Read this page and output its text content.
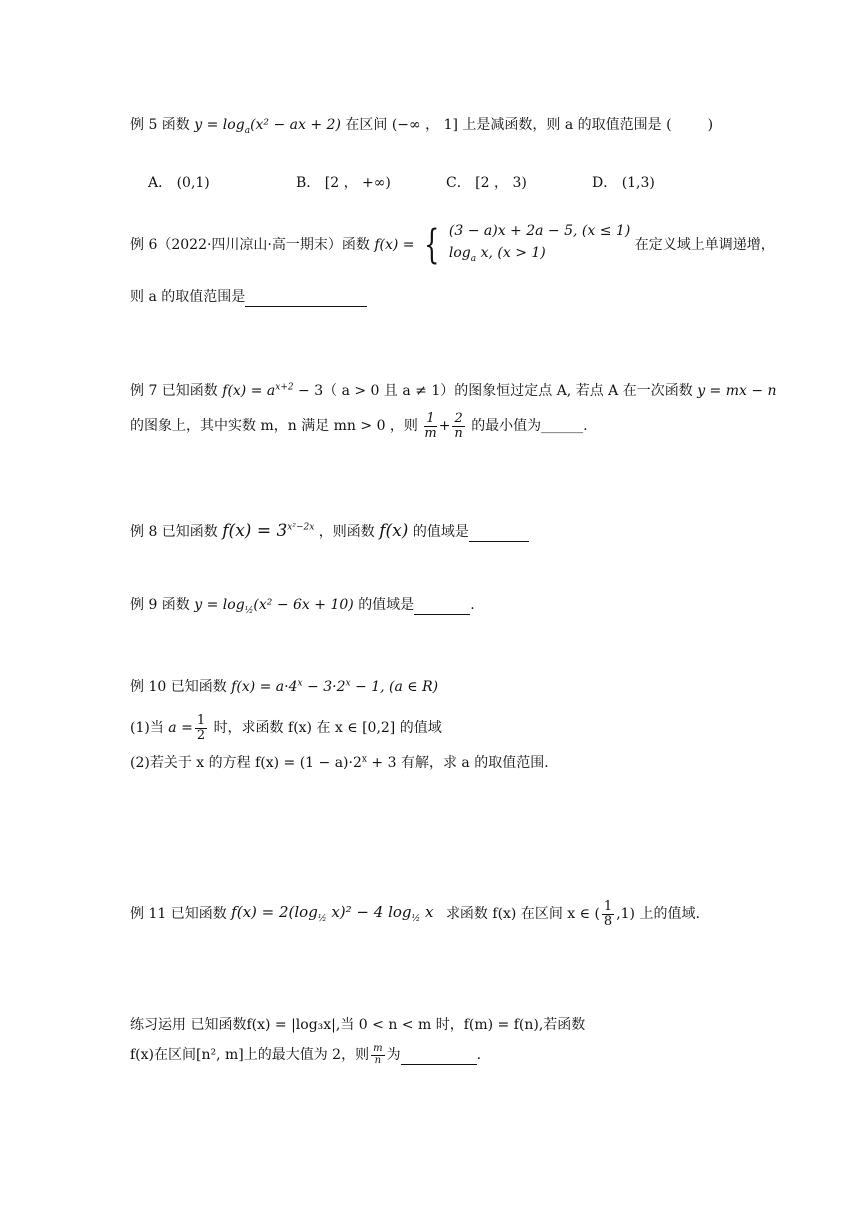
例 5 函数 $y = \log_a(x^2$ − ax + 2) 在区间 (−∞ ， 1] 上是减函数，则 a 的取值范围是 (	)
A． (0,1)	B． [2 ， +∞)	C． [2 ， 3)	D． (1,3)
例 6（2022·四川凉山·高一期末）函数 f(x) = { (3 − a)x + 2a − 5, (x ≤ 1)
$\log_a x$, (x > 1) 在定义域上单调递增，
则 a 的取值范围是
例 7 已知函数 $f(x) = a^{x+2} - 3$（ a > 0 且 a ≠ 1）的图象恒过定点 A, 若点 A 在一次函数 y = mx − n
的图象上，其中实数 m，n 满足 mn > 0 ，则 $\frac{1}{m} + \frac{2}{n}$ 的最小值为______.
例 8 已知函数 $f(x) = 3^{x^2-2x}$ ，则函数 f(x) 的值域是
例 9 函数 $y = \log_{\frac{1}{2}}(x^2 - 6x + 10)$ 的值域是	.
例 10 已知函数 $f(x) = a\cdot 4^x - 3\cdot 2^x - 1$, (a ∈ R)
(1)当 $a = \frac{1}{2}$ 时，求函数 f(x) 在 x ∈ [0,2] 的值域
(2)若关于 x 的方程 $f(x) = (1 - a)\cdot 2^x + 3$ 有解，求 a 的取值范围.
例 11 已知函数 $f(x) = 2(\log_{\frac{1}{2}}$ x)² − 4 $\log_{\frac{1}{2}} x$ 求函数 f(x) 在区间 x ∈ ( $\frac{1}{8} ,1$) 上的值域.
练习运用 已知函数f(x) = |log₃x|,当 0 < n < m 时，f(m) = f(n),若函数
f(x)在区间[n², m]上的最大值为 2，则 $\frac{m}{n}$ 为	.
